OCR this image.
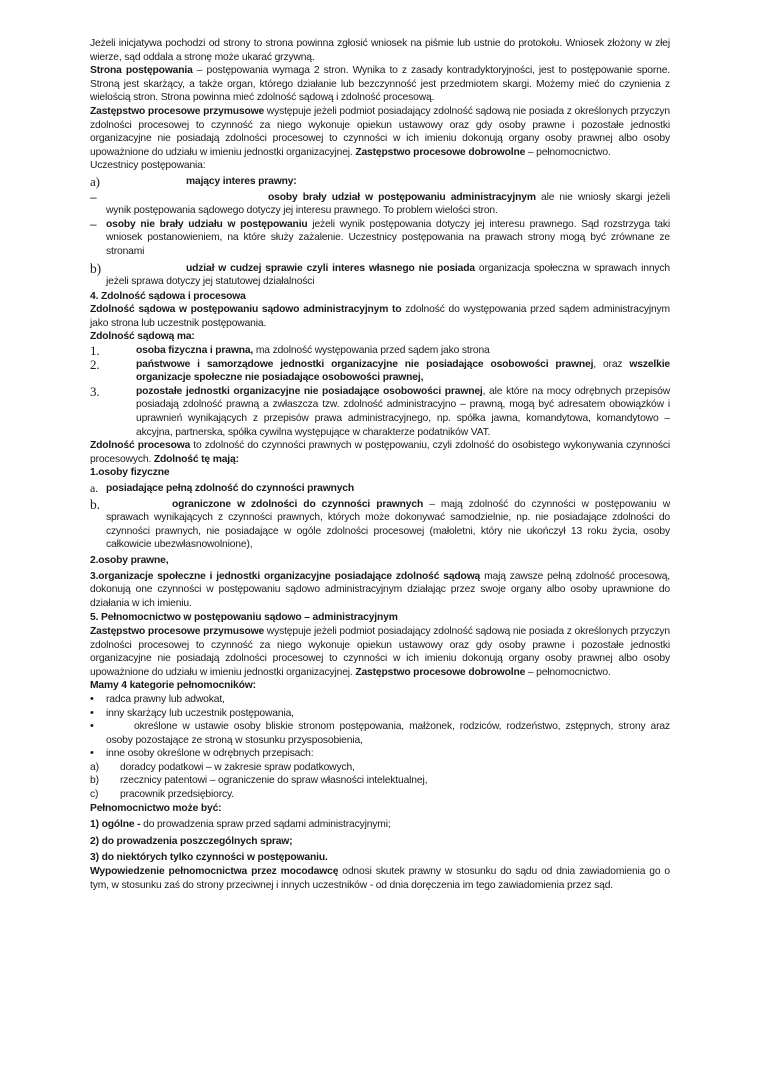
Jeżeli inicjatywa pochodzi od strony to strona powinna zgłosić wniosek na piśmie lub ustnie do protokołu. Wniosek złożony w złej wierze, sąd oddala a stronę może ukarać grzywną.

Strona postępowania – postępowania wymaga 2 stron. Wynika to z zasady kontradyktoryjności, jest to postępowanie sporne. Stroną jest skarżący, a także organ, którego działanie lub bezczynność jest przedmiotem skargi. Możemy mieć do czynienia z wielością stron. Strona powinna mieć zdolność sądową i zdolność procesową.

Zastępstwo procesowe przymusowe występuje jeżeli podmiot posiadający zdolność sądową nie posiada z określonych przyczyn zdolności procesowej to czynność za niego wykonuje opiekun ustawowy oraz gdy osoby prawne i pozostałe jednostki organizacyjne nie posiadają zdolności procesowej to czynności w ich imieniu dokonują organy osoby prawnej albo osoby upoważnione do udziału w imieniu jednostki organizacyjnej. Zastępstwo procesowe dobrowolne – pełnomocnictwo.

Uczestnicy postępowania:

a)	mający interes prawny:

–	osoby brały udział w postępowaniu administracyjnym ale nie wniosły skargi jeżeli wynik postępowania sądowego dotyczy jej interesu prawnego. To problem wielości stron.

– osoby nie brały udziału w postępowaniu jeżeli wynik postępowania dotyczy jej interesu prawnego. Sąd rozstrzyga taki wniosek postanowieniem, na które służy zażalenie. Uczestnicy postępowania na prawach strony mogą być zrównane ze stronami

b)	udział w cudzej sprawie czyli interes własnego nie posiada organizacja społeczna w sprawach innych jeżeli sprawa dotyczy jej statutowej działalności

4. Zdolność sądowa i procesowa

Zdolność sądowa w postępowaniu sądowo administracyjnym to zdolność do występowania przed sądem administracyjnym jako strona lub uczestnik postępowania.

Zdolność sądową ma:

1.	osoba fizyczna i prawna, ma zdolność występowania przed sądem jako strona

2.	państwowe i samorządowe jednostki organizacyjne nie posiadające osobowości prawnej, oraz wszelkie organizacje społeczne nie posiadające osobowości prawnej,

3.	pozostałe jednostki organizacyjne nie posiadające osobowości prawnej, ale które na mocy odrębnych przepisów posiadają zdolność prawną a zwłaszcza tzw. zdolność administracyjno – prawną, mogą być adresatem obowiązków i uprawnień wynikających z przepisów prawa administracyjnego, np. spółka jawna, komandytowa, komandytowo – akcyjna, partnerska, spółka cywilna występujące w charakterze podatników VAT.

Zdolność procesowa to zdolność do czynności prawnych w postępowaniu, czyli zdolność do osobistego wykonywania czynności procesowych. Zdolność tę mają:

1.osoby fizyczne

a. posiadające pełną zdolność do czynności prawnych

b.	ograniczone w zdolności do czynności prawnych – mają zdolność do czynności w postępowaniu w sprawach wynikających z czynności prawnych, których może dokonywać samodzielnie, np. nie posiadające zdolności do czynności prawnych, nie posiadające w ogóle zdolności procesowej (małoletni, który nie ukończył 13 roku życia, osoby całkowicie ubezwłasnowolnione),

2.osoby prawne,

3.organizacje społeczne i jednostki organizacyjne posiadające zdolność sądową mają zawsze pełną zdolność procesową, dokonują one czynności w postępowaniu sądowo administracyjnym działając przez swoje organy albo osoby uprawnione do działania w ich imieniu.

5. Pełnomocnictwo w postępowaniu sądowo – administracyjnym

Zastępstwo procesowe przymusowe występuje jeżeli podmiot posiadający zdolność sądową nie posiada z określonych przyczyn zdolności procesowej to czynność za niego wykonuje opiekun ustawowy oraz gdy osoby prawne i pozostałe jednostki organizacyjne nie posiadają zdolności procesowej to czynności w ich imieniu dokonują organy osoby prawnej albo osoby upoważnione do udziału w imieniu jednostki organizacyjnej. Zastępstwo procesowe dobrowolne – pełnomocnictwo.

Mamy 4 kategorie pełnomocników:

• radca prawny lub adwokat,

• inny skarżący lub uczestnik postępowania,

•	określone w ustawie osoby bliskie stronom postępowania, małżonek, rodziców, rodzeństwo, zstępnych, strony araz osoby pozostające ze stroną w stosunku przysposobienia,

• inne osoby określone w odrębnych przepisach:

a) doradcy podatkowi – w zakresie spraw podatkowych,

b) rzecznicy patentowi – ograniczenie do spraw własności intelektualnej,

c) pracownik przedsiębiorcy.

Pełnomocnictwo może być:

1) ogólne - do prowadzenia spraw przed sądami administracyjnymi;

2) do prowadzenia poszczególnych spraw;

3) do niektórych tylko czynności w postępowaniu.

Wypowiedzenie pełnomocnictwa przez mocodawcę odnosi skutek prawny w stosunku do sądu od dnia zawiadomienia go o tym, w stosunku zaś do strony przeciwnej i innych uczestników - od dnia doręczenia im tego zawiadomienia przez sąd.
